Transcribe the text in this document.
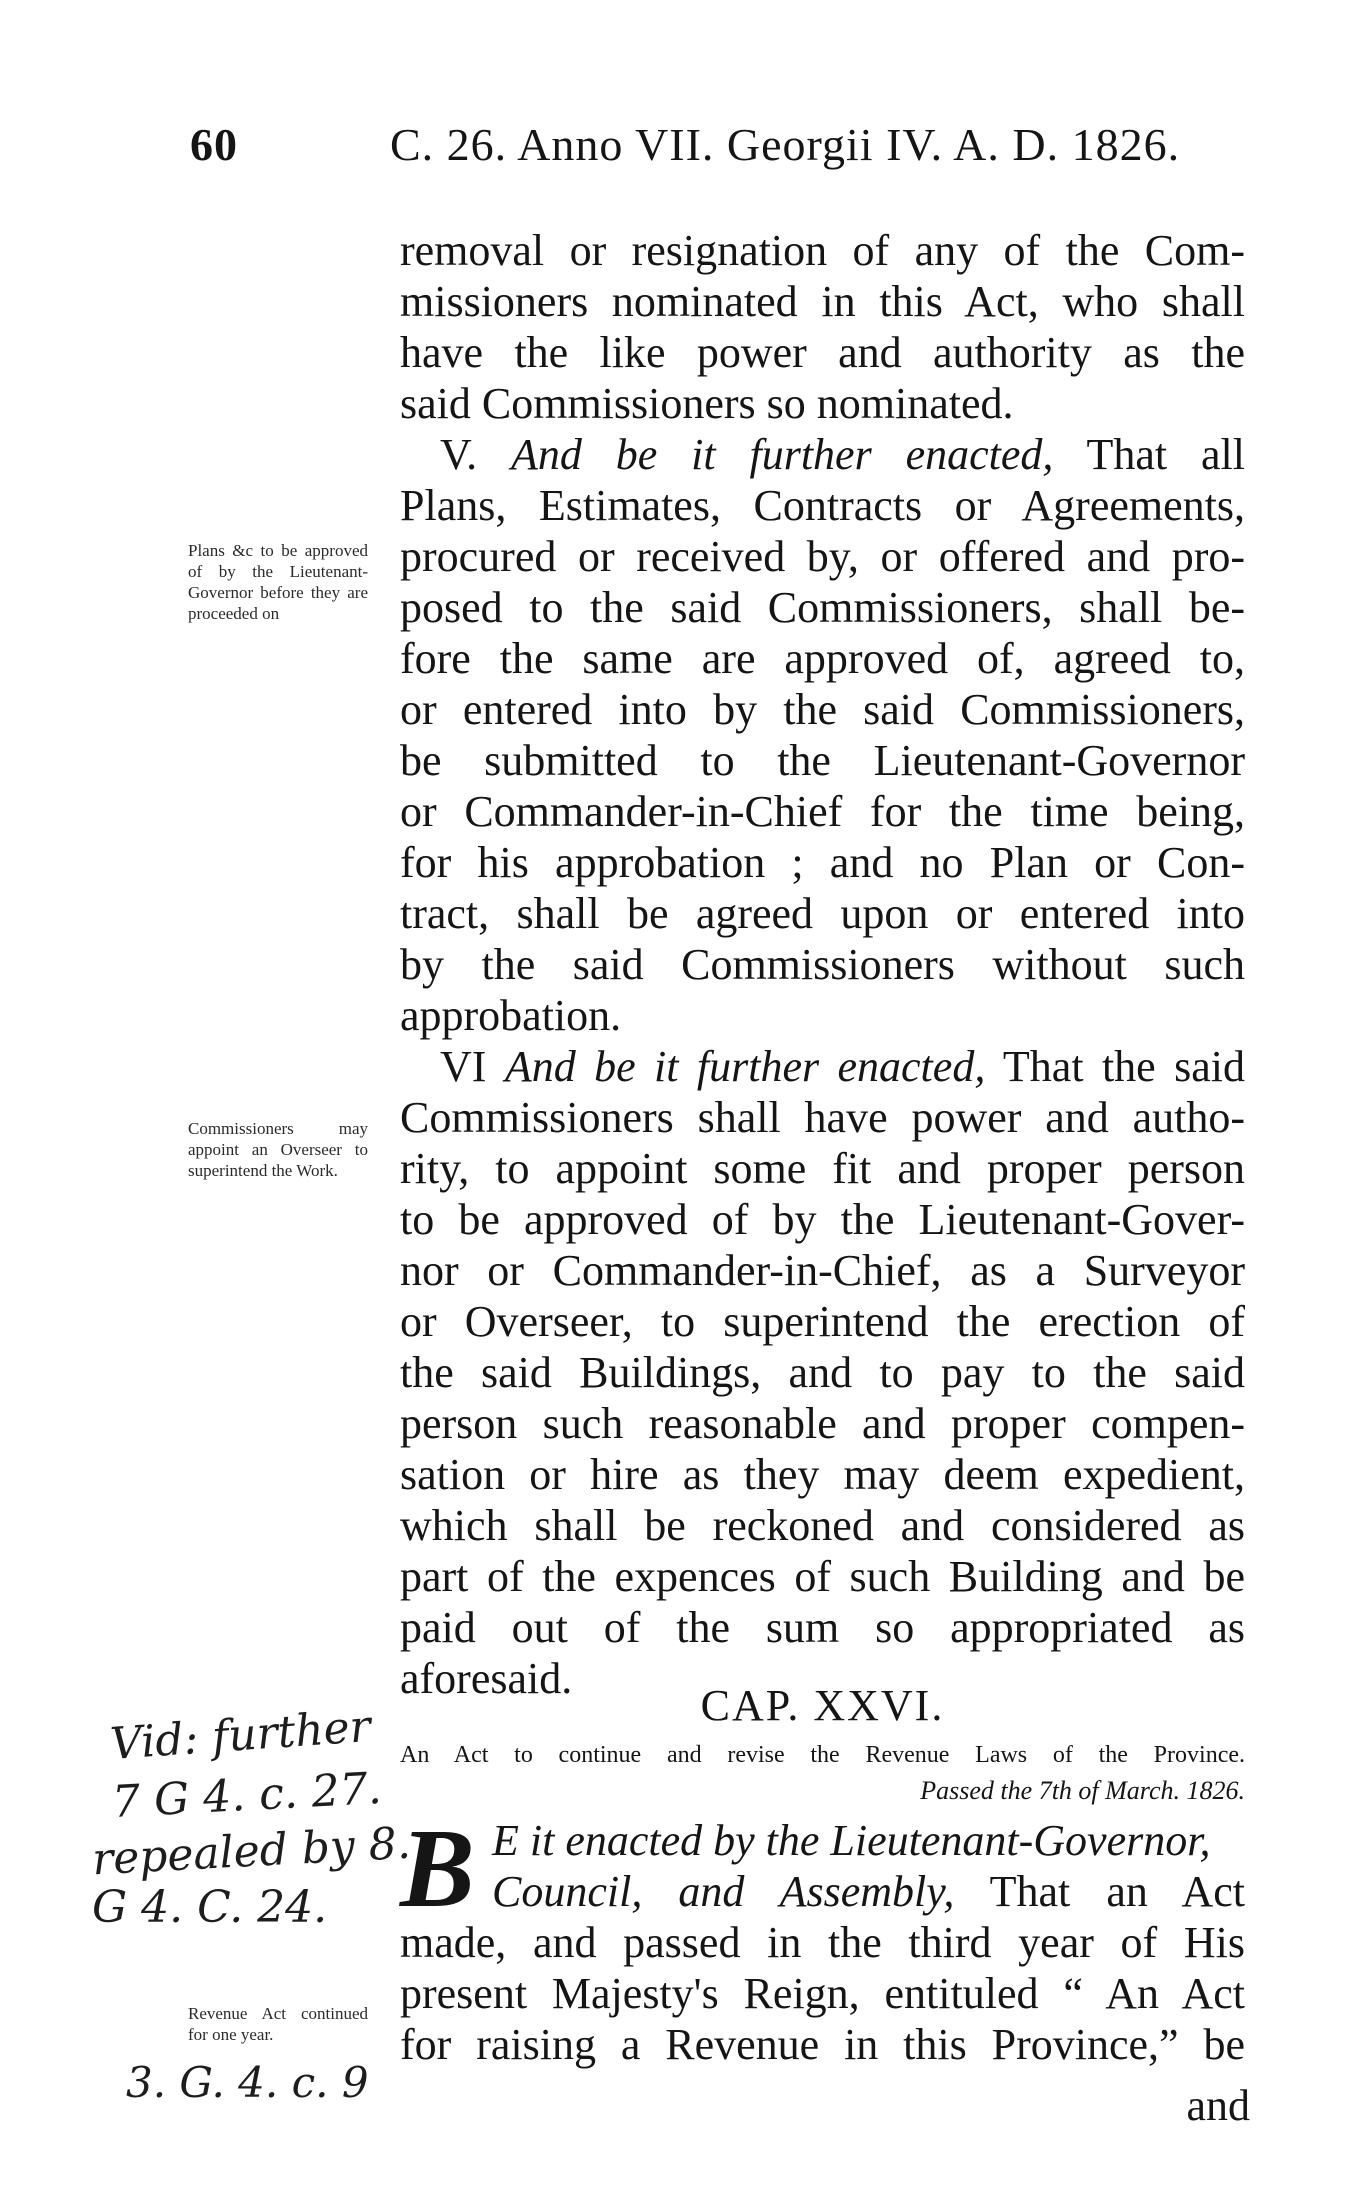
60	C. 26. Anno VII. Georgii IV. A. D. 1826.
removal or resignation of any of the Com-
missioners nominated in this Act, who shall
have the like power and authority as the
said Commissioners so nominated.
V. And be it further enacted, That all
Plans, Estimates, Contracts or Agreements,
procured or received by, or offered and pro-
posed to the said Commissioners, shall be-
fore the same are approved of, agreed to,
or entered into by the said Commissioners,
be submitted to the Lieutenant-Governor
or Commander-in-Chief for the time being,
for his approbation ; and no Plan or Con-
tract, shall be agreed upon or entered into
by the said Commissioners without such
approbation.
VI And be it further enacted, That the said
Commissioners shall have power and autho-
rity, to appoint some fit and proper person
to be approved of by the Lieutenant-Gover-
nor or Commander-in-Chief, as a Surveyor
or Overseer, to superintend the erection of
the said Buildings, and to pay to the said
person such reasonable and proper compen-
sation or hire as they may deem expedient,
which shall be reckoned and considered as
part of the expences of such Building and be
paid out of the sum so appropriated as
aforesaid.
CAP. XXVI.
An Act to continue and revise the Revenue Laws of the Province.
Passed the 7th of March. 1826.
B E it enacted by the Lieutenant-Governor,
Council, and Assembly, That an Act
made, and passed in the third year of His
present Majesty's Reign, entituled “ An Act
for raising a Revenue in this Province,” be
and
Plans &c to be approved of by the Lieutenant-Governor before they are proceeded on
Commissioners may appoint an Overseer to superintend the Work.
Revenue Act continued for one year.
Vid: further
7 G 4. c. 27.
repealed by 8.
G 4. C. 24.
3. G. 4. c. 9
